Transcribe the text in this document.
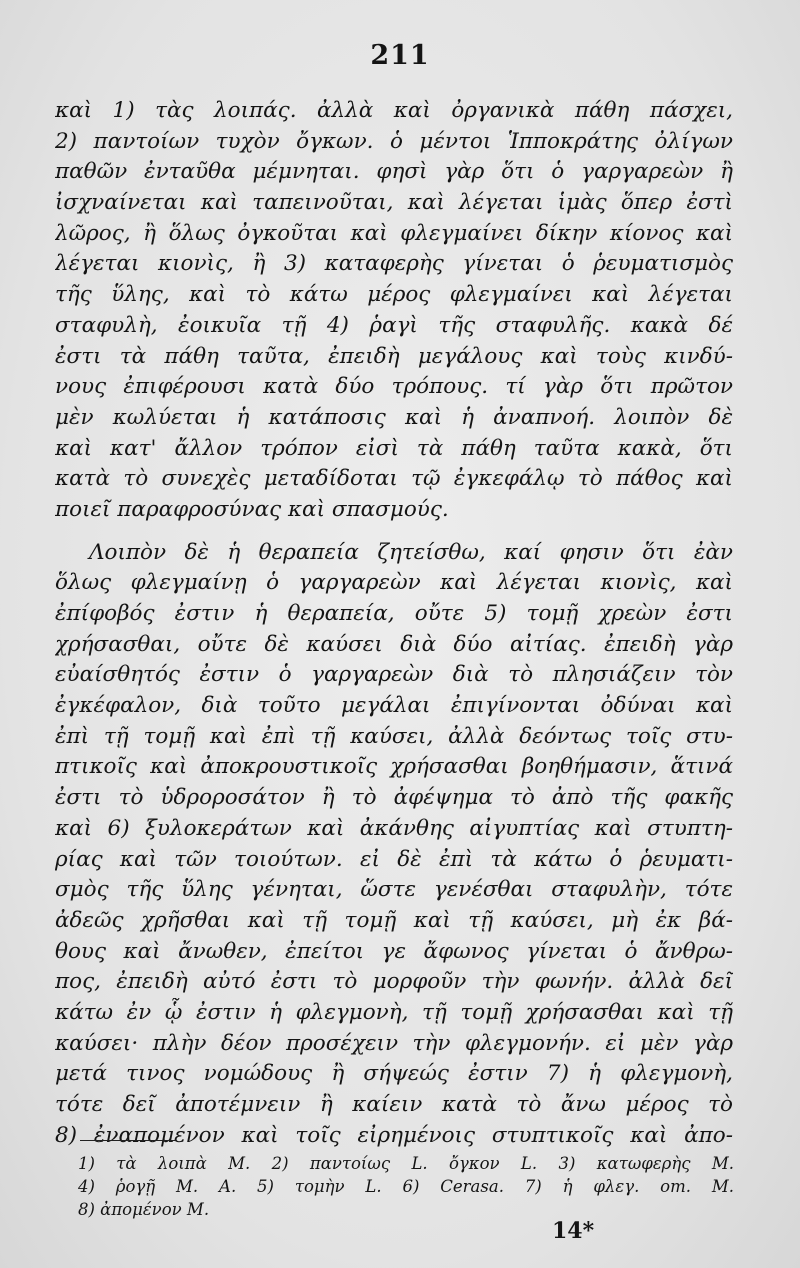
211
καὶ 1) τὰς λοιπάς. ἀλλὰ καὶ ὀργανικὰ πάθη πάσχει,
2) παντοίων τυχὸν ὄγκων. ὁ μέντοι Ἱπποκράτης ὀλίγων
παθῶν ἐνταῦθα μέμνηται. φησὶ γὰρ ὅτι ὁ γαργαρεὼν ἢ
ἰσχναίνεται καὶ ταπεινοῦται, καὶ λέγεται ἱμὰς ὅπερ ἐστὶ
λῶρος, ἢ ὅλως ὀγκοῦται καὶ φλεγμαίνει δίκην κίονος καὶ
λέγεται κιονὶς, ἢ 3) καταφερὴς γίνεται ὁ ῥευματισμὸς
τῆς ὕλης, καὶ τὸ κάτω μέρος φλεγμαίνει καὶ λέγεται
σταφυλὴ, ἐοικυῖα τῇ 4) ῥαγὶ τῆς σταφυλῆς. κακὰ δέ
ἐστι τὰ πάθη ταῦτα, ἐπειδὴ μεγάλους καὶ τοὺς κινδύ-
νους ἐπιφέρουσι κατὰ δύο τρόπους. τί γὰρ ὅτι πρῶτον
μὲν κωλύεται ἡ κατάποσις καὶ ἡ ἀναπνοή. λοιπὸν δὲ
καὶ κατ' ἄλλον τρόπον εἰσὶ τὰ πάθη ταῦτα κακὰ, ὅτι
κατὰ τὸ συνεχὲς μεταδίδοται τῷ ἐγκεφάλῳ τὸ πάθος καὶ
ποιεῖ παραφροσύνας καὶ σπασμούς.
Λοιπὸν δὲ ἡ θεραπεία ζητείσθω, καί φησιν ὅτι ἐὰν
ὅλως φλεγμαίνῃ ὁ γαργαρεὼν καὶ λέγεται κιονὶς, καὶ
ἐπίφοβός ἐστιν ἡ θεραπεία, οὔτε 5) τομῇ χρεὼν ἐστι
χρήσασθαι, οὔτε δὲ καύσει διὰ δύο αἰτίας. ἐπειδὴ γὰρ
εὐαίσθητός ἐστιν ὁ γαργαρεὼν διὰ τὸ πλησιάζειν τὸν
ἐγκέφαλον, διὰ τοῦτο μεγάλαι ἐπιγίνονται ὀδύναι καὶ
ἐπὶ τῇ τομῇ καὶ ἐπὶ τῇ καύσει, ἀλλὰ δεόντως τοῖς στυ-
πτικοῖς καὶ ἀποκρουστικοῖς χρήσασθαι βοηθήμασιν, ἅτινά
ἐστι τὸ ὑδροροσάτον ἢ τὸ ἀφέψημα τὸ ἀπὸ τῆς φακῆς
καὶ 6) ξυλοκεράτων καὶ ἀκάνθης αἰγυπτίας καὶ στυπτη-
ρίας καὶ τῶν τοιούτων. εἰ δὲ ἐπὶ τὰ κάτω ὁ ῥευματι-
σμὸς τῆς ὕλης γένηται, ὥστε γενέσθαι σταφυλὴν, τότε
ἀδεῶς χρῆσθαι καὶ τῇ τομῇ καὶ τῇ καύσει, μὴ ἐκ βά-
θους καὶ ἄνωθεν, ἐπείτοι γε ἄφωνος γίνεται ὁ ἄνθρω-
πος, ἐπειδὴ αὐτό ἐστι τὸ μορφοῦν τὴν φωνήν. ἀλλὰ δεῖ
κάτω ἐν ᾧ ἐστιν ἡ φλεγμονὴ, τῇ τομῇ χρήσασθαι καὶ τῇ
καύσει· πλὴν δέον προσέχειν τὴν φλεγμονήν. εἰ μὲν γὰρ
μετά τινος νομώδους ἢ σήψεώς ἐστιν 7) ἡ φλεγμονὴ,
τότε δεῖ ἀποτέμνειν ἢ καίειν κατὰ τὸ ἄνω μέρος τὸ
8) ἐναπομένον καὶ τοῖς εἰρημένοις στυπτικοῖς καὶ ἀπο-
1) τὰ λοιπὰ M. 2) παντοίως L. ὄγκον L. 3) κατωφερὴς M.
4) ῥογῇ M. A. 5) τομὴν L. 6) Cerasa. 7) ἡ φλεγ. om. M.
8) ἀπομένον M.
14*
